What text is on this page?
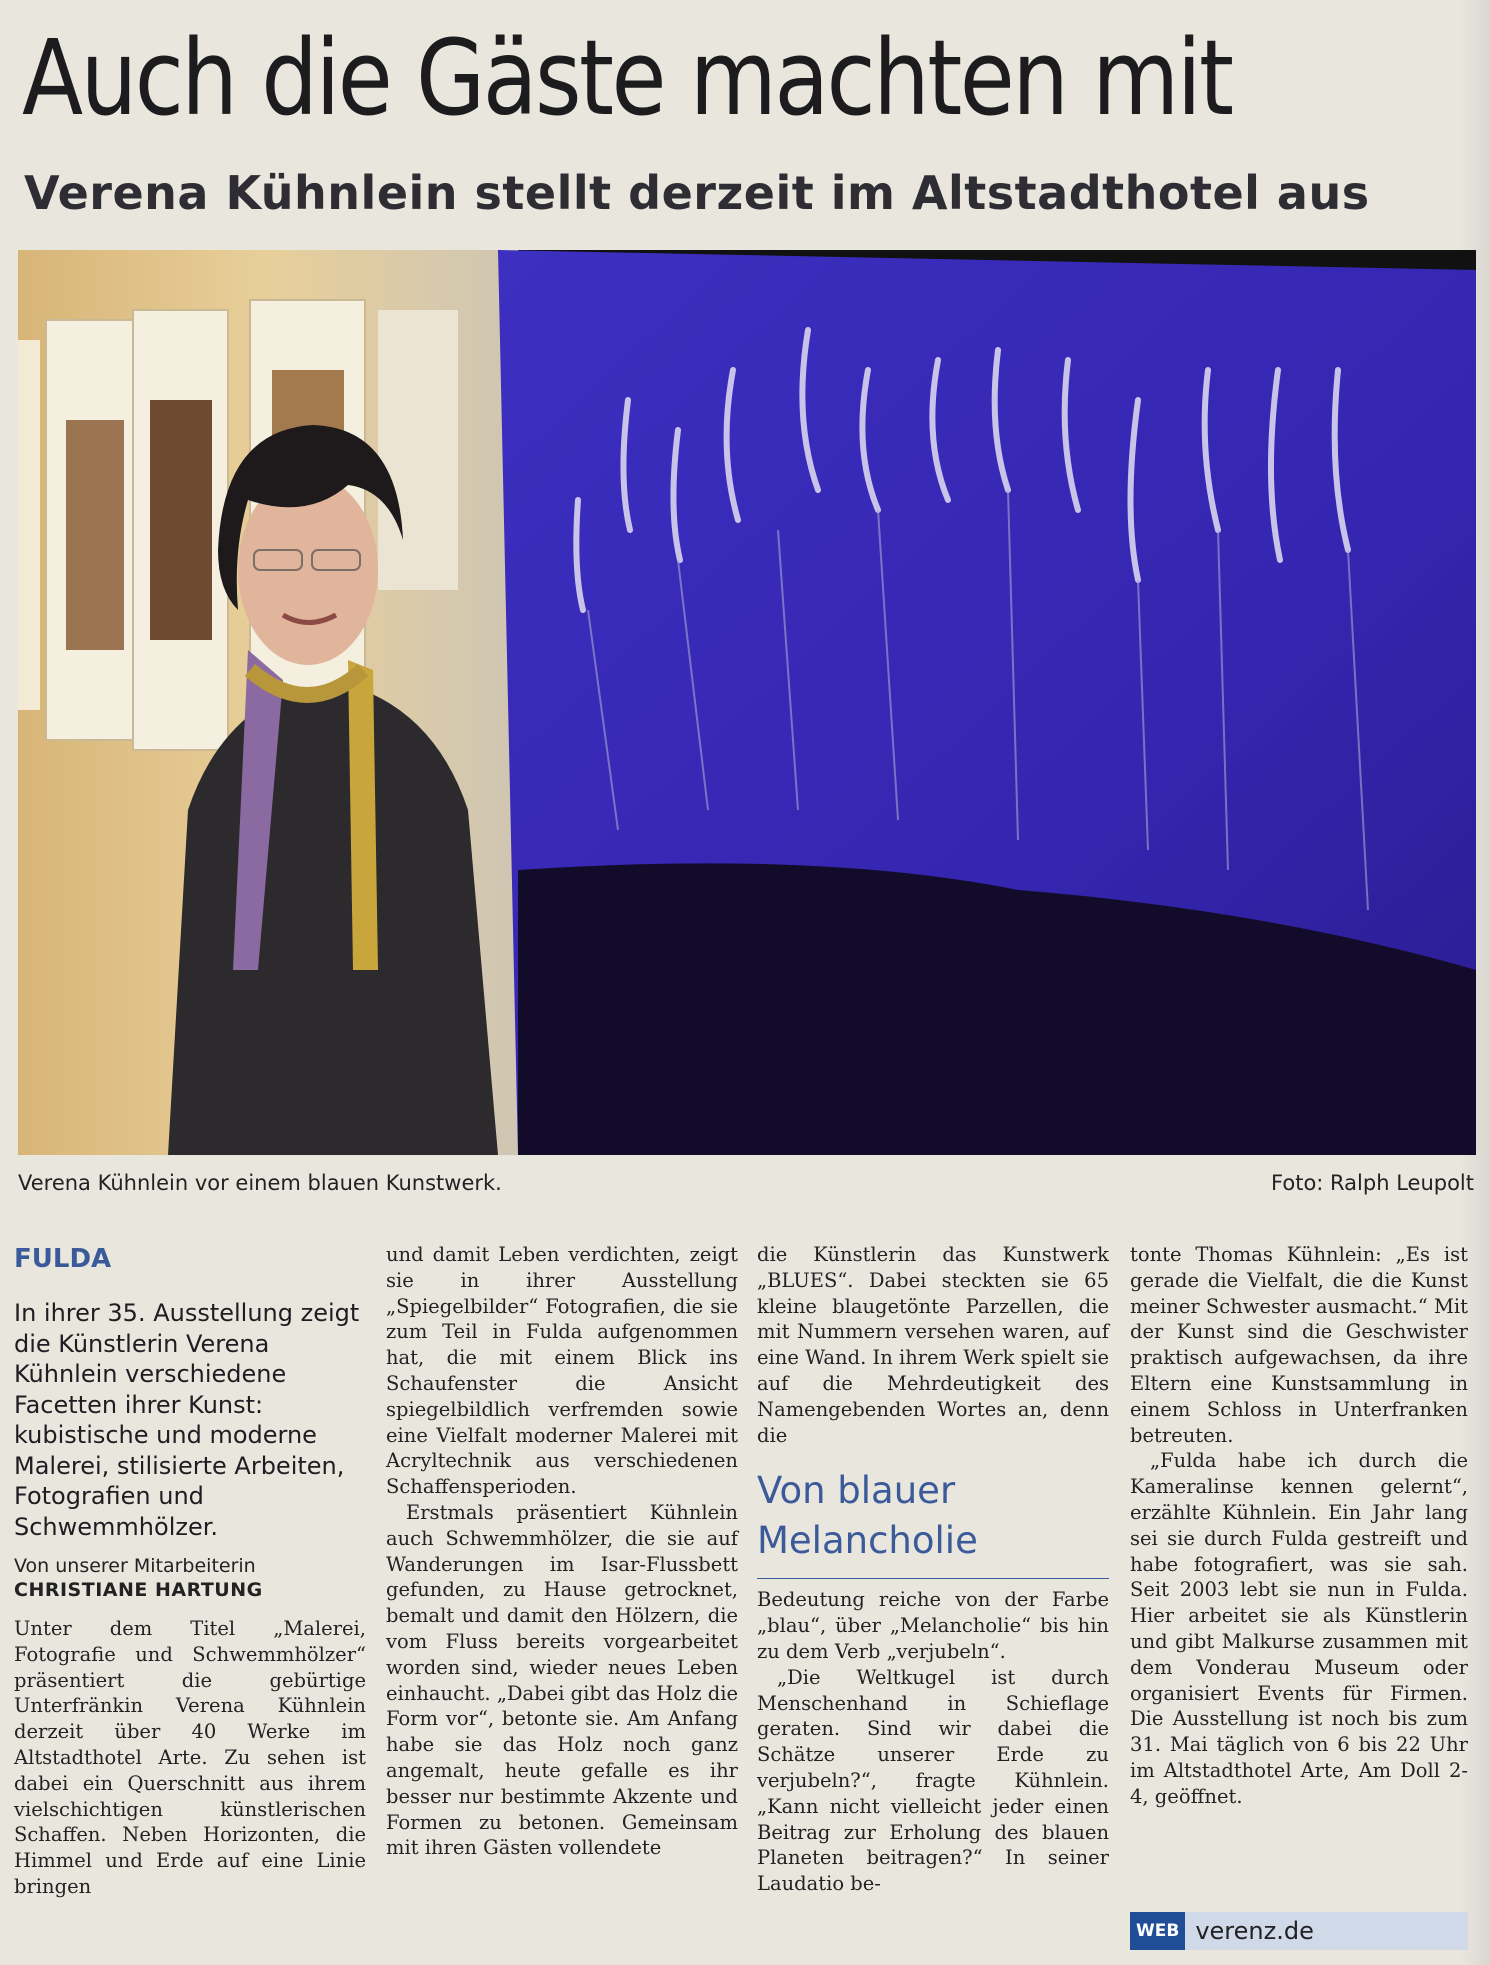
Auch die Gäste machten mit
Verena Kühnlein stellt derzeit im Altstadthotel aus
Verena Kühnlein vor einem blauen Kunstwerk.	Foto: Ralph Leupolt
FULDA
In ihrer 35. Ausstellung zeigt die Künstlerin Verena Kühnlein verschiedene Facetten ihrer Kunst: kubistische und moderne Malerei, stilisierte Arbeiten, Fotografien und Schwemmhölzer.
Von unserer Mitarbeiterin
CHRISTIANE HARTUNG

Unter dem Titel „Malerei, Fotografie und Schwemmhölzer“ präsentiert die gebürtige Unterfränkin Verena Kühnlein derzeit über 40 Werke im Altstadthotel Arte. Zu sehen ist dabei ein Querschnitt aus ihrem vielschichtigen künstlerischen Schaffen. Neben Horizonten, die Himmel und Erde auf eine Linie bringen

und damit Leben verdichten, zeigt sie in ihrer Ausstellung „Spiegelbilder“ Fotografien, die sie zum Teil in Fulda aufgenommen hat, die mit einem Blick ins Schaufenster die Ansicht spiegelbildlich verfremden sowie eine Vielfalt moderner Malerei mit Acryltechnik aus verschiedenen Schaffensperioden.

Erstmals präsentiert Kühnlein auch Schwemmhölzer, die sie auf Wanderungen im Isar-Flussbett gefunden, zu Hause getrocknet, bemalt und damit den Hölzern, die vom Fluss bereits vorgearbeitet worden sind, wieder neues Leben einhaucht. „Dabei gibt das Holz die Form vor“, betonte sie. Am Anfang habe sie das Holz noch ganz angemalt, heute gefalle es ihr besser nur bestimmte Akzente und Formen zu betonen. Gemeinsam mit ihren Gästen vollendete

die Künstlerin das Kunstwerk „BLUES“. Dabei steckten sie 65 kleine blaugetönte Parzellen, die mit Nummern versehen waren, auf eine Wand. In ihrem Werk spielt sie auf die Mehrdeutigkeit des Namengebenden Wortes an, denn die

Von blauer Melancholie

Bedeutung reiche von der Farbe „blau“, über „Melancholie“ bis hin zu dem Verb „verjubeln“.

„Die Weltkugel ist durch Menschenhand in Schieflage geraten. Sind wir dabei die Schätze unserer Erde zu verjubeln?“, fragte Kühnlein. „Kann nicht vielleicht jeder einen Beitrag zur Erholung des blauen Planeten beitragen?“ In seiner Laudatio be-

tonte Thomas Kühnlein: „Es ist gerade die Vielfalt, die die Kunst meiner Schwester ausmacht.“ Mit der Kunst sind die Geschwister praktisch aufgewachsen, da ihre Eltern eine Kunstsammlung in einem Schloss in Unterfranken betreuten.

„Fulda habe ich durch die Kameralinse kennen gelernt“, erzählte Kühnlein. Ein Jahr lang sei sie durch Fulda gestreift und habe fotografiert, was sie sah. Seit 2003 lebt sie nun in Fulda. Hier arbeitet sie als Künstlerin und gibt Malkurse zusammen mit dem Vonderau Museum oder organisiert Events für Firmen. Die Ausstellung ist noch bis zum 31. Mai täglich von 6 bis 22 Uhr im Altstadthotel Arte, Am Doll 2-4, geöffnet.

WEB verenz.de
